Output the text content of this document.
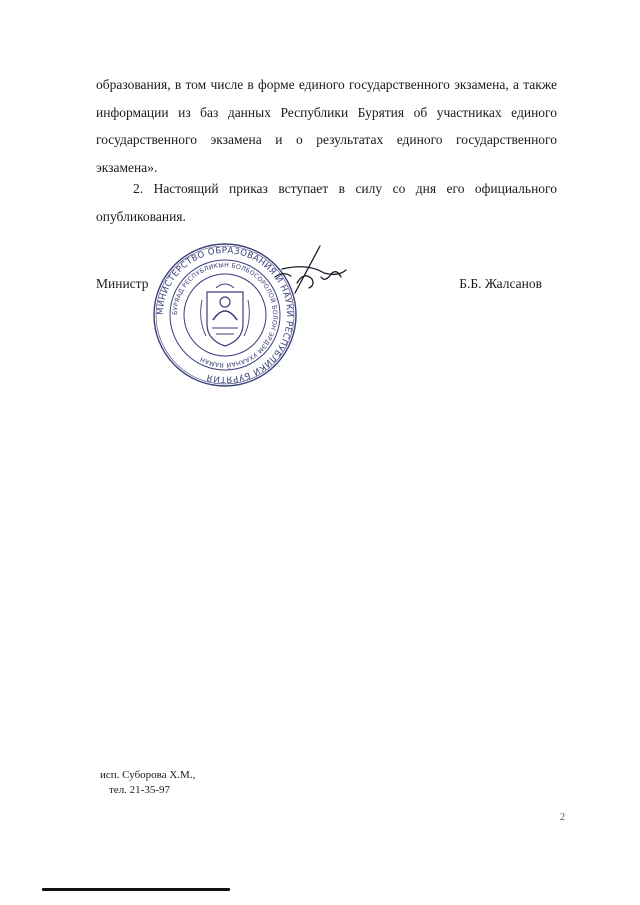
образования, в том числе в форме единого государственного экзамена, а также информации из баз данных Республики Бурятия об участниках единого государственного экзамена и о результатах единого государственного экзамена».

2. Настоящий приказ вступает в силу со дня его официального опубликования.

Министр	Б.Б. Жалсанов
МИНИСТЕРСТВО ОБРАЗОВАНИЯ И НАУКИ РЕСПУБЛИКИ БУРЯТИЯ
БУРЯАД РЕСПУБЛИКЫН БОЛБОСОРОЛОЙ БОЛОН ЭРДЭМ УХААНАЙ ЯАМАН
исп. Суборова Х.М.,
тел. 21-35-97
2
